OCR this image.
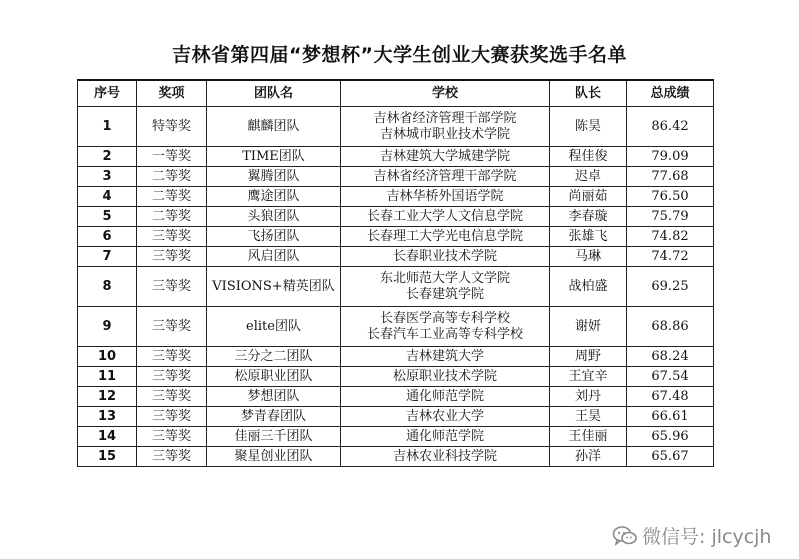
吉林省第四届“梦想杯”大学生创业大赛获奖选手名单
序号	奖项	团队名	学校	队长	总成绩
1	特等奖	麒麟团队	吉林省经济管理干部学院
吉林城市职业技术学院	陈昊	86.42
2	一等奖	TIME团队	吉林建筑大学城建学院	程佳俊	79.09
3	二等奖	翼腾团队	吉林省经济管理干部学院	迟卓	77.68
4	二等奖	鹰途团队	吉林华桥外国语学院	尚丽茹	76.50
5	二等奖	头狼团队	长春工业大学人文信息学院	李春璇	75.79
6	三等奖	飞扬团队	长春理工大学光电信息学院	张雄飞	74.82
7	三等奖	风启团队	长春职业技术学院	马琳	74.72
8	三等奖	VISIONS+精英团队	东北师范大学人文学院
长春建筑学院	战柏盛	69.25
9	三等奖	elite团队	长春医学高等专科学校
长春汽车工业高等专科学校	谢妍	68.86
10	三等奖	三分之二团队	吉林建筑大学	周野	68.24
11	三等奖	松原职业团队	松原职业技术学院	王宜辛	67.54
12	三等奖	梦想团队	通化师范学院	刘丹	67.48
13	三等奖	梦青春团队	吉林农业大学	王昊	66.61
14	三等奖	佳丽三千团队	通化师范学院	王佳丽	65.96
15	三等奖	聚星创业团队	吉林农业科技学院	孙洋	65.67
微信号: jlcycjh
